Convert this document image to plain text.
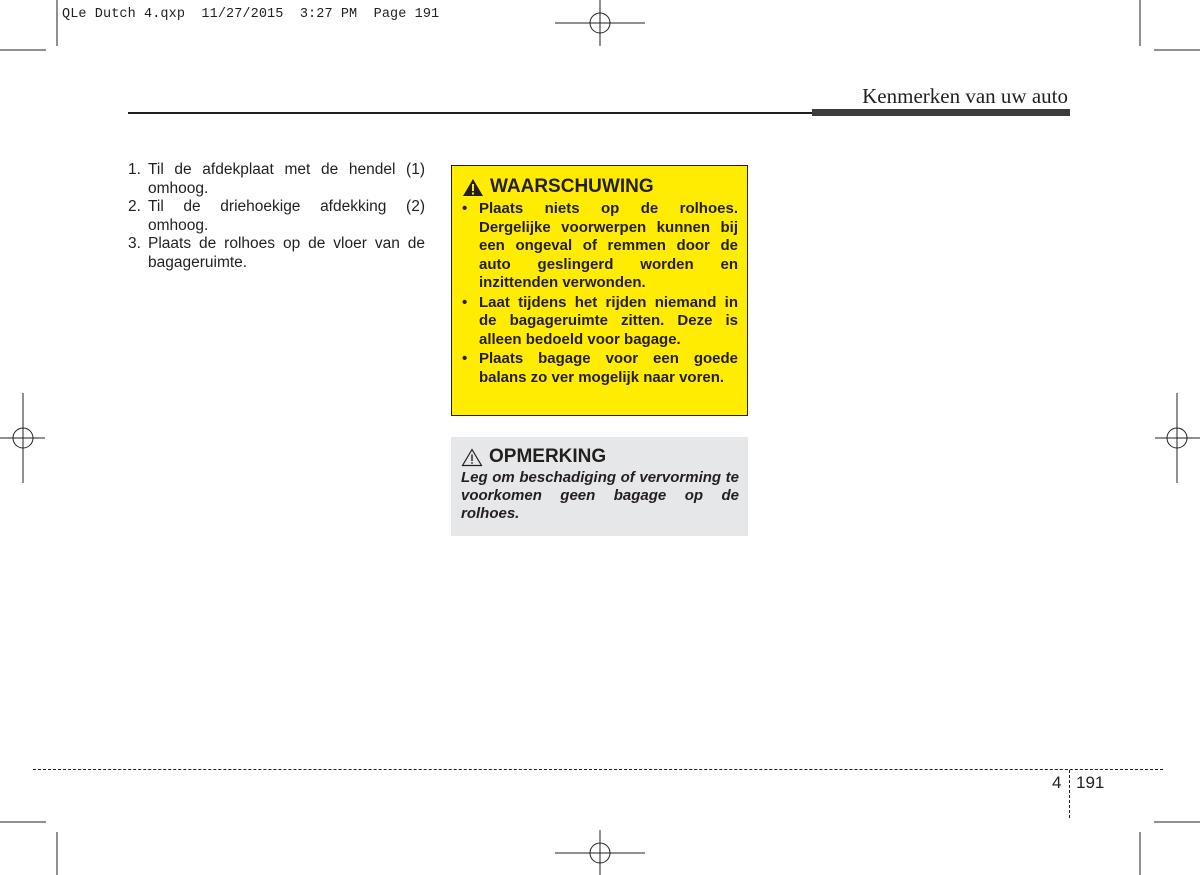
QLe Dutch 4.qxp  11/27/2015  3:27 PM  Page 191
Kenmerken van uw auto
1. Til de afdekplaat met de hendel (1) omhoog.
2. Til de driehoekige afdekking (2) omhoog.
3. Plaats de rolhoes op de vloer van de bagageruimte.
WAARSCHUWING
• Plaats niets op de rolhoes. Dergelijke voorwerpen kunnen bij een ongeval of remmen door de auto geslingerd worden en inzittenden verwonden.
• Laat tijdens het rijden niemand in de bagageruimte zitten. Deze is alleen bedoeld voor bagage.
• Plaats bagage voor een goede balans zo ver mogelijk naar voren.
OPMERKING
Leg om beschadiging of vervorming te voorkomen geen bagage op de rolhoes.
4 191
